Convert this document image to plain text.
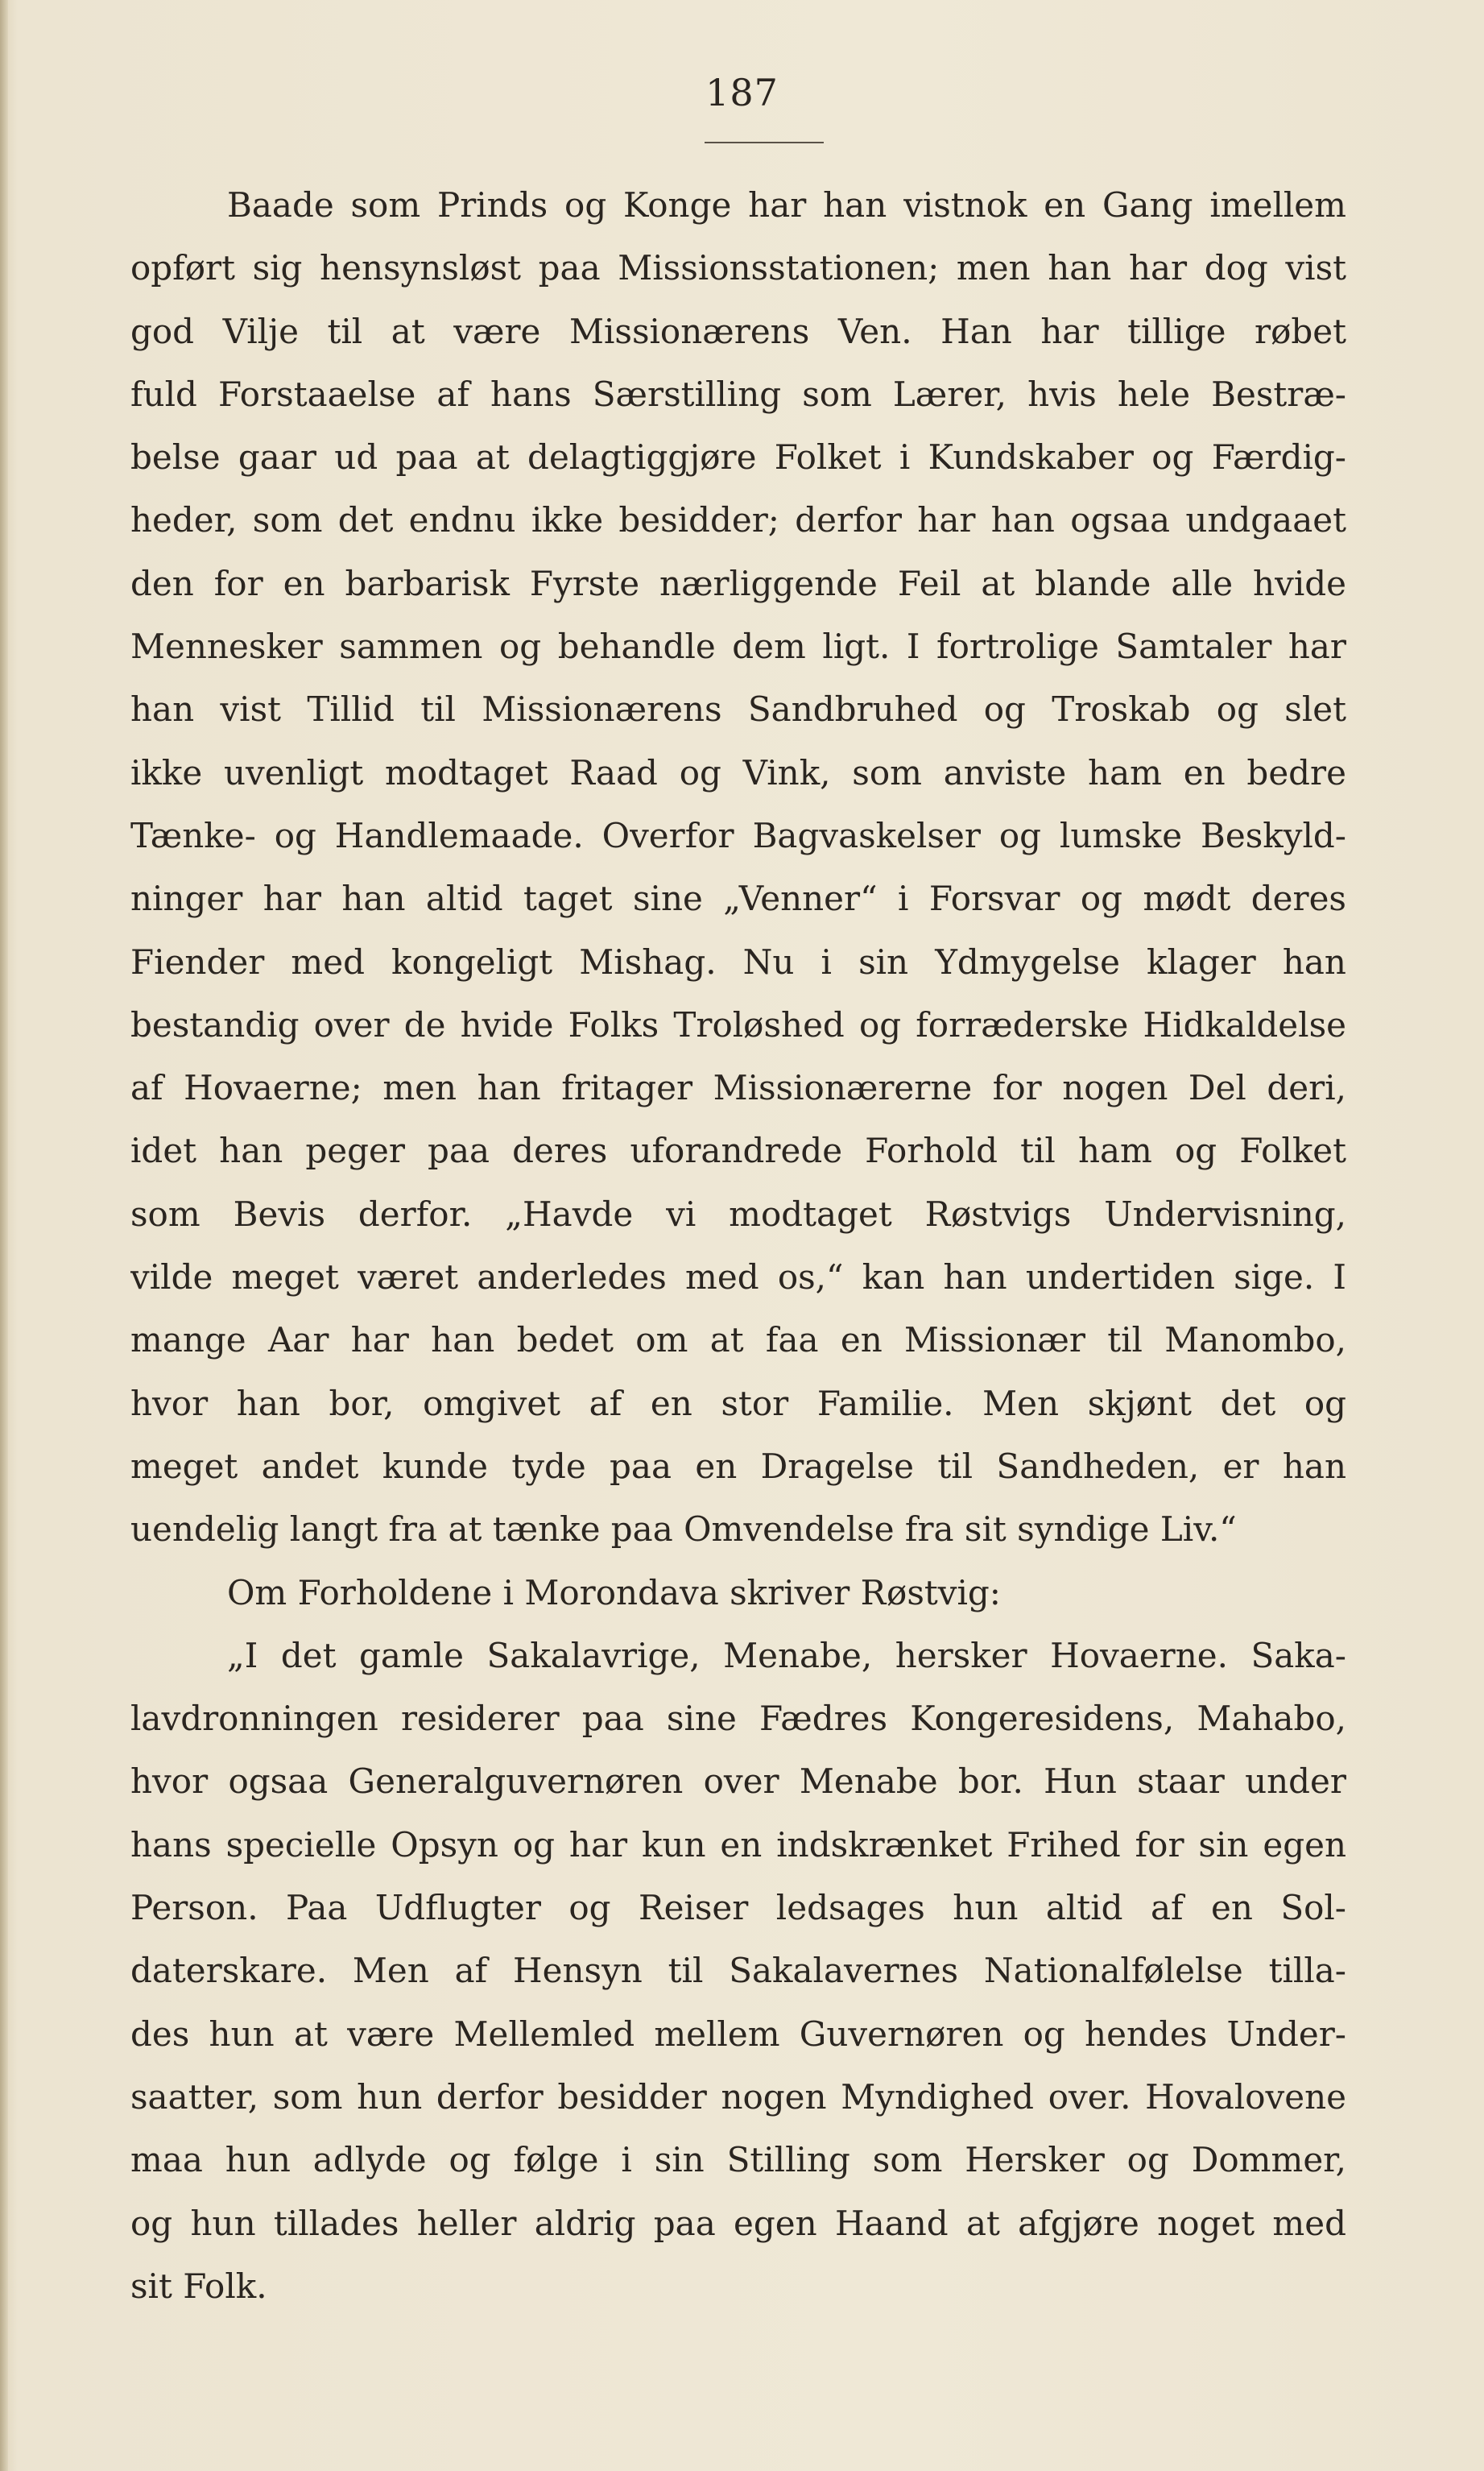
187
Baade som Prinds og Konge har han vistnok en Gang imellem
opført sig hensynsløst paa Missionsstationen; men han har dog vist
god Vilje til at være Missionærens Ven. Han har tillige røbet
fuld Forstaaelse af hans Særstilling som Lærer, hvis hele Bestræ-
belse gaar ud paa at delagtiggjøre Folket i Kundskaber og Færdig-
heder, som det endnu ikke besidder; derfor har han ogsaa undgaaet
den for en barbarisk Fyrste nærliggende Feil at blande alle hvide
Mennesker sammen og behandle dem ligt. I fortrolige Samtaler har
han vist Tillid til Missionærens Sandbruhed og Troskab og slet
ikke uvenligt modtaget Raad og Vink, som anviste ham en bedre
Tænke- og Handlemaade. Overfor Bagvaskelser og lumske Beskyld-
ninger har han altid taget sine „Venner“ i Forsvar og mødt deres
Fiender med kongeligt Mishag. Nu i sin Ydmygelse klager han
bestandig over de hvide Folks Troløshed og forræderske Hidkaldelse
af Hovaerne; men han fritager Missionærerne for nogen Del deri,
idet han peger paa deres uforandrede Forhold til ham og Folket
som Bevis derfor. „Havde vi modtaget Røstvigs Undervisning,
vilde meget været anderledes med os,“ kan han undertiden sige. I
mange Aar har han bedet om at faa en Missionær til Manombo,
hvor han bor, omgivet af en stor Familie. Men skjønt det og
meget andet kunde tyde paa en Dragelse til Sandheden, er han
uendelig langt fra at tænke paa Omvendelse fra sit syndige Liv.“
Om Forholdene i Morondava skriver Røstvig:
„I det gamle Sakalavrige, Menabe, hersker Hovaerne. Saka-
lavdronningen residerer paa sine Fædres Kongeresidens, Mahabo,
hvor ogsaa Generalguvernøren over Menabe bor. Hun staar under
hans specielle Opsyn og har kun en indskrænket Frihed for sin egen
Person. Paa Udflugter og Reiser ledsages hun altid af en Sol-
daterskare. Men af Hensyn til Sakalavernes Nationalfølelse tilla-
des hun at være Mellemled mellem Guvernøren og hendes Under-
saatter, som hun derfor besidder nogen Myndighed over. Hovalovene
maa hun adlyde og følge i sin Stilling som Hersker og Dommer,
og hun tillades heller aldrig paa egen Haand at afgjøre noget med
sit Folk.
